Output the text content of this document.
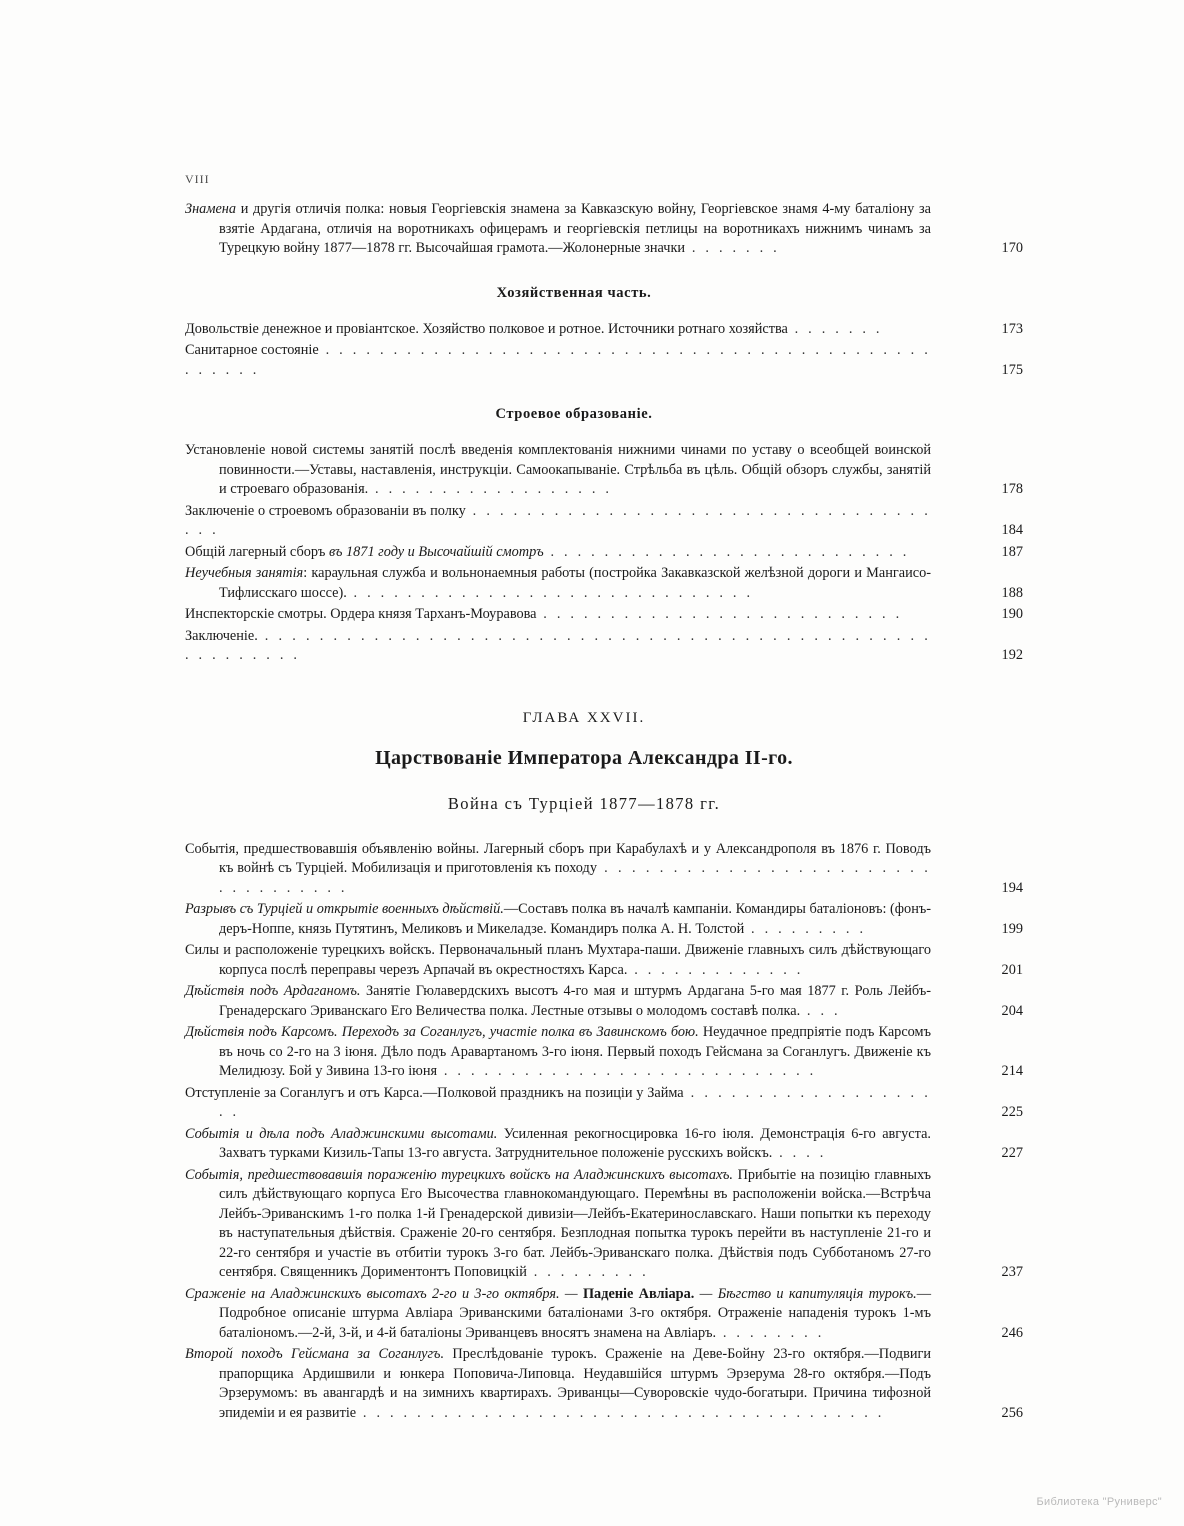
VIII
Знамена и другія отличія полка: новыя Георгіевскія знамена за Кавказскую войну, Георгіевское знамя 4-му баталіону за взятіе Ардагана, отличія на воротникахъ офицерамъ и георгіевскія петлицы на воротникахъ нижнимъ чинамъ за Турецкую войну 1877—1878 гг. Высочайшая грамота.—Жолонерные значки . . . . . . .	170
Хозяйственная часть.
Довольствіе денежное и провіантское. Хозяйство полковое и ротное. Источники ротнаго хозяйства . . . . . . .	173
Санитарное состояніе . . . . . . . . . . . . . . . . . . . . . . . . . . . . . . . . . . . . . . . . . . . . . . . . . . .	175
Строевое образованіе.
Установленіе новой системы занятій послѣ введенія комплектованія нижними чинами по уставу о всеобщей воинской повинности.—Уставы, наставленія, инструкціи. Самоокапываніе. Стрѣльба въ цѣль. Общій обзоръ службы, занятій и строеваго образованія. . . . . . . . . . . . . . . . . . .	178
Заключеніе о строевомъ образованіи въ полку . . . . . . . . . . . . . . . . . . . . . . . . . . . . . . . . . . . . .	184
Общій лагерный сборъ въ 1871 году и Высочайшій смотръ . . . . . . . . . . . . . . . . . . . . . . . . . . .	187
Неучебныя занятія: караульная служба и вольнонаемныя работы (постройка Закавказской желѣзной дороги и Мангаисо-Тифлисскаго шоссе). . . . . . . . . . . . . . . . . . . . . . . . . . . . . . .	188
Инспекторскіе смотры. Ордера князя Тарханъ-Моуравова . . . . . . . . . . . . . . . . . . . . . . . . . . .	190
Заключеніе. . . . . . . . . . . . . . . . . . . . . . . . . . . . . . . . . . . . . . . . . . . . . . . . . . . . . . . . . . .	192
ГЛАВА XXVII.
Царствованіе Императора Александра II-го.
Война съ Турціей 1877—1878 гг.
Событія, предшествовавшія объявленію войны. Лагерный сборъ при Карабулахѣ и у Александрополя въ 1876 г. Поводъ къ войнѣ съ Турціей. Мобилизація и приготовленія къ походу . . . . . . . . . . . . . . . . . . . . . . . . . . . . . . . . . .	194
Разрывъ съ Турціей и открытіе военныхъ дѣйствій.—Составъ полка въ началѣ кампаніи. Командиры баталіоновъ: (фонъ-деръ-Ноппе, князь Путятинъ, Меликовъ и Микеладзе. Командиръ полка А. Н. Толстой . . . . . . . . .	199
Силы и расположеніе турецкихъ войскъ. Первоначальный планъ Мухтара-паши. Движеніе главныхъ силъ дѣйствующаго корпуса послѣ переправы черезъ Арпачай въ окрестностяхъ Карса. . . . . . . . . . . . . .	201
Дѣйствія подъ Ардаганомъ. Занятіе Гюлавердскихъ высотъ 4-го мая и штурмъ Ардагана 5-го мая 1877 г. Роль Лейбъ-Гренадерскаго Эриванскаго Его Величества полка. Лестные отзывы о молодомъ составѣ полка. . . .	204
Дѣйствія подъ Карсомъ. Переходъ за Соганлугъ, участіе полка въ Завинскомъ бою. Неудачное предпріятіе подъ Карсомъ въ ночь со 2-го на 3 іюня. Дѣло подъ Аравартаномъ 3-го іюня. Первый походъ Гейсмана за Соганлугъ. Движеніе къ Мелидюзу. Бой у Зивина 13-го іюня . . . . . . . . . . . . . . . . . . . . . . . . . . . .	214
Отступленіе за Соганлугъ и отъ Карса.—Полковой праздникъ на позиціи у Займа . . . . . . . . . . . . . . . . . . . .	225
Событія и дѣла подъ Аладжинскими высотами. Усиленная рекогносцировка 16-го іюля. Демонстрація 6-го августа. Захватъ турками Кизиль-Тапы 13-го августа. Затруднительное положеніе русскихъ войскъ. . . . .	227
Событія, предшествовавшія пораженію турецкихъ войскъ на Аладжинскихъ высотахъ. Прибытіе на позицію главныхъ силъ дѣйствующаго корпуса Его Высочества главнокомандующаго. Перемѣны въ расположеніи войска.—Встрѣча Лейбъ-Эриванскимъ 1-го полка 1-й Гренадерской дивизіи—Лейбъ-Екатеринославскаго. Наши попытки къ переходу въ наступательныя дѣйствія. Сраженіе 20-го сентября. Безплодная попытка турокъ перейти въ наступленіе 21-го и 22-го сентября и участіе въ отбитіи турокъ 3-го бат. Лейбъ-Эриванскаго полка. Дѣйствія подъ Субботаномъ 27-го сентября. Священникъ Дориментонтъ Поповицкій . . . . . . . . .	237
Сраженіе на Аладжинскихъ высотахъ 2-го и 3-го октября. — Паденіе Авліара. — Бѣгство и капитуляція турокъ.—Подробное описаніе штурма Авліара Эриванскими баталіонами 3-го октября. Отраженіе нападенія турокъ 1-мъ баталіономъ.—2-й, 3-й, и 4-й баталіоны Эриванцевъ вносятъ знамена на Авліаръ. . . . . . . . .	246
Второй походъ Гейсмана за Соганлугъ. Преслѣдованіе турокъ. Сраженіе на Деве-Бойну 23-го октября.—Подвиги прапорщика Ардишвили и юнкера Поповича-Липовца. Неудавшійся штурмъ Эрзерума 28-го октября.—Подъ Эрзерумомъ: въ авангардѣ и на зимнихъ квартирахъ. Эриванцы—Суворовскіе чудо-богатыри. Причина тифозной эпидеміи и ея развитіе . . . . . . . . . . . . . . . . . . . . . . . . . . . . . . . . . . . . . . .	256
Библиотека "Руниверс"
